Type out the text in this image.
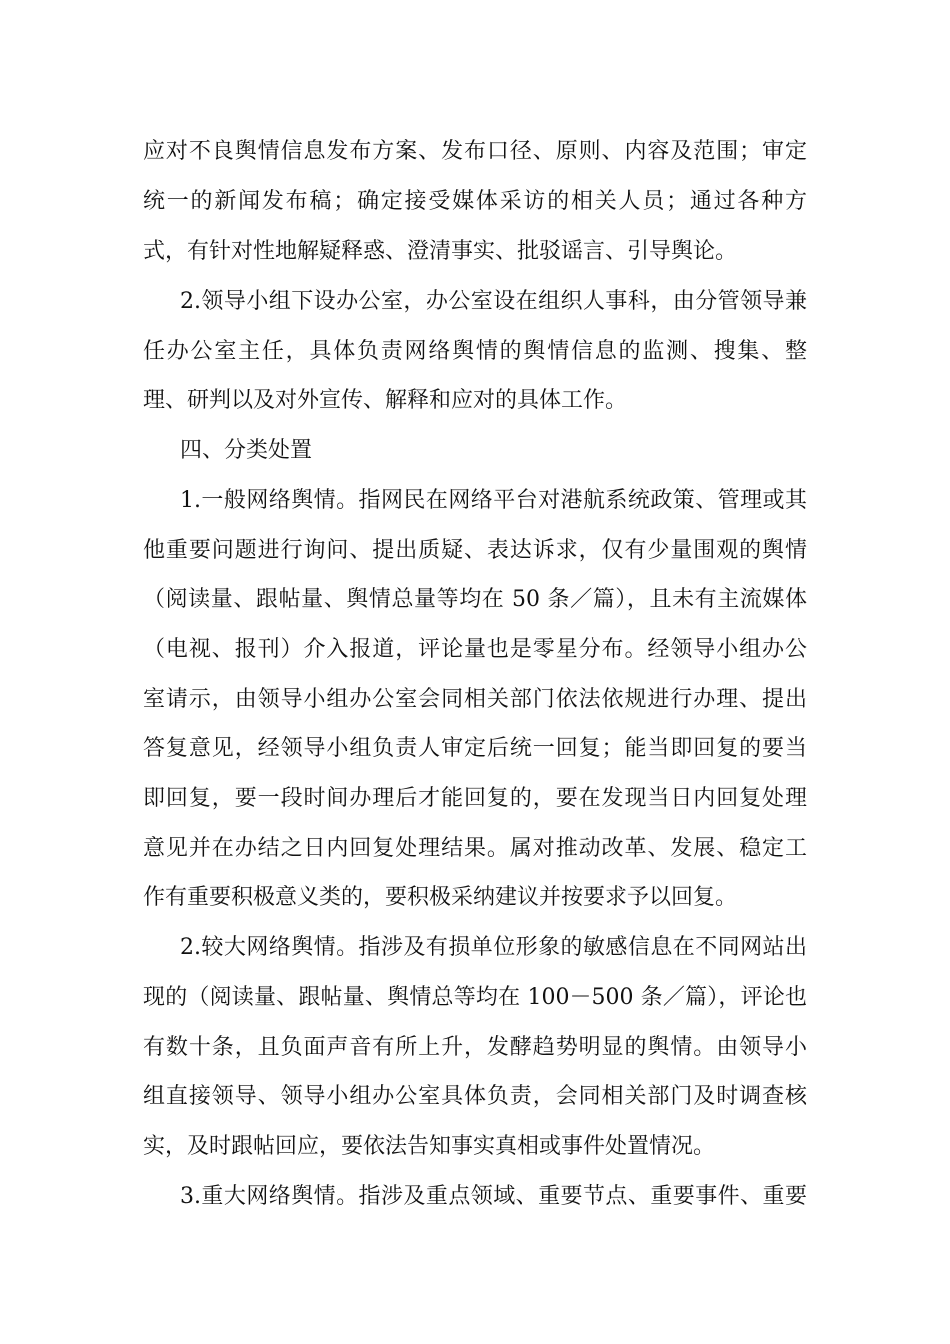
应对不良舆情信息发布方案、发布口径、原则、内容及范围；审定
统一的新闻发布稿；确定接受媒体采访的相关人员；通过各种方
式，有针对性地解疑释惑、澄清事实、批驳谣言、引导舆论。
2.领导小组下设办公室，办公室设在组织人事科，由分管领导兼
任办公室主任，具体负责网络舆情的舆情信息的监测、搜集、整
理、研判以及对外宣传、解释和应对的具体工作。
四、分类处置
1.一般网络舆情。指网民在网络平台对港航系统政策、管理或其
他重要问题进行询问、提出质疑、表达诉求，仅有少量围观的舆情
（阅读量、跟帖量、舆情总量等均在 50 条／篇），且未有主流媒体
（电视、报刊）介入报道，评论量也是零星分布。经领导小组办公
室请示，由领导小组办公室会同相关部门依法依规进行办理、提出
答复意见，经领导小组负责人审定后统一回复；能当即回复的要当
即回复，要一段时间办理后才能回复的，要在发现当日内回复处理
意见并在办结之日内回复处理结果。属对推动改革、发展、稳定工
作有重要积极意义类的，要积极采纳建议并按要求予以回复。
2.较大网络舆情。指涉及有损单位形象的敏感信息在不同网站出
现的（阅读量、跟帖量、舆情总等均在 100－500 条／篇），评论也
有数十条，且负面声音有所上升，发酵趋势明显的舆情。由领导小
组直接领导、领导小组办公室具体负责，会同相关部门及时调查核
实，及时跟帖回应，要依法告知事实真相或事件处置情况。
3.重大网络舆情。指涉及重点领域、重要节点、重要事件、重要
